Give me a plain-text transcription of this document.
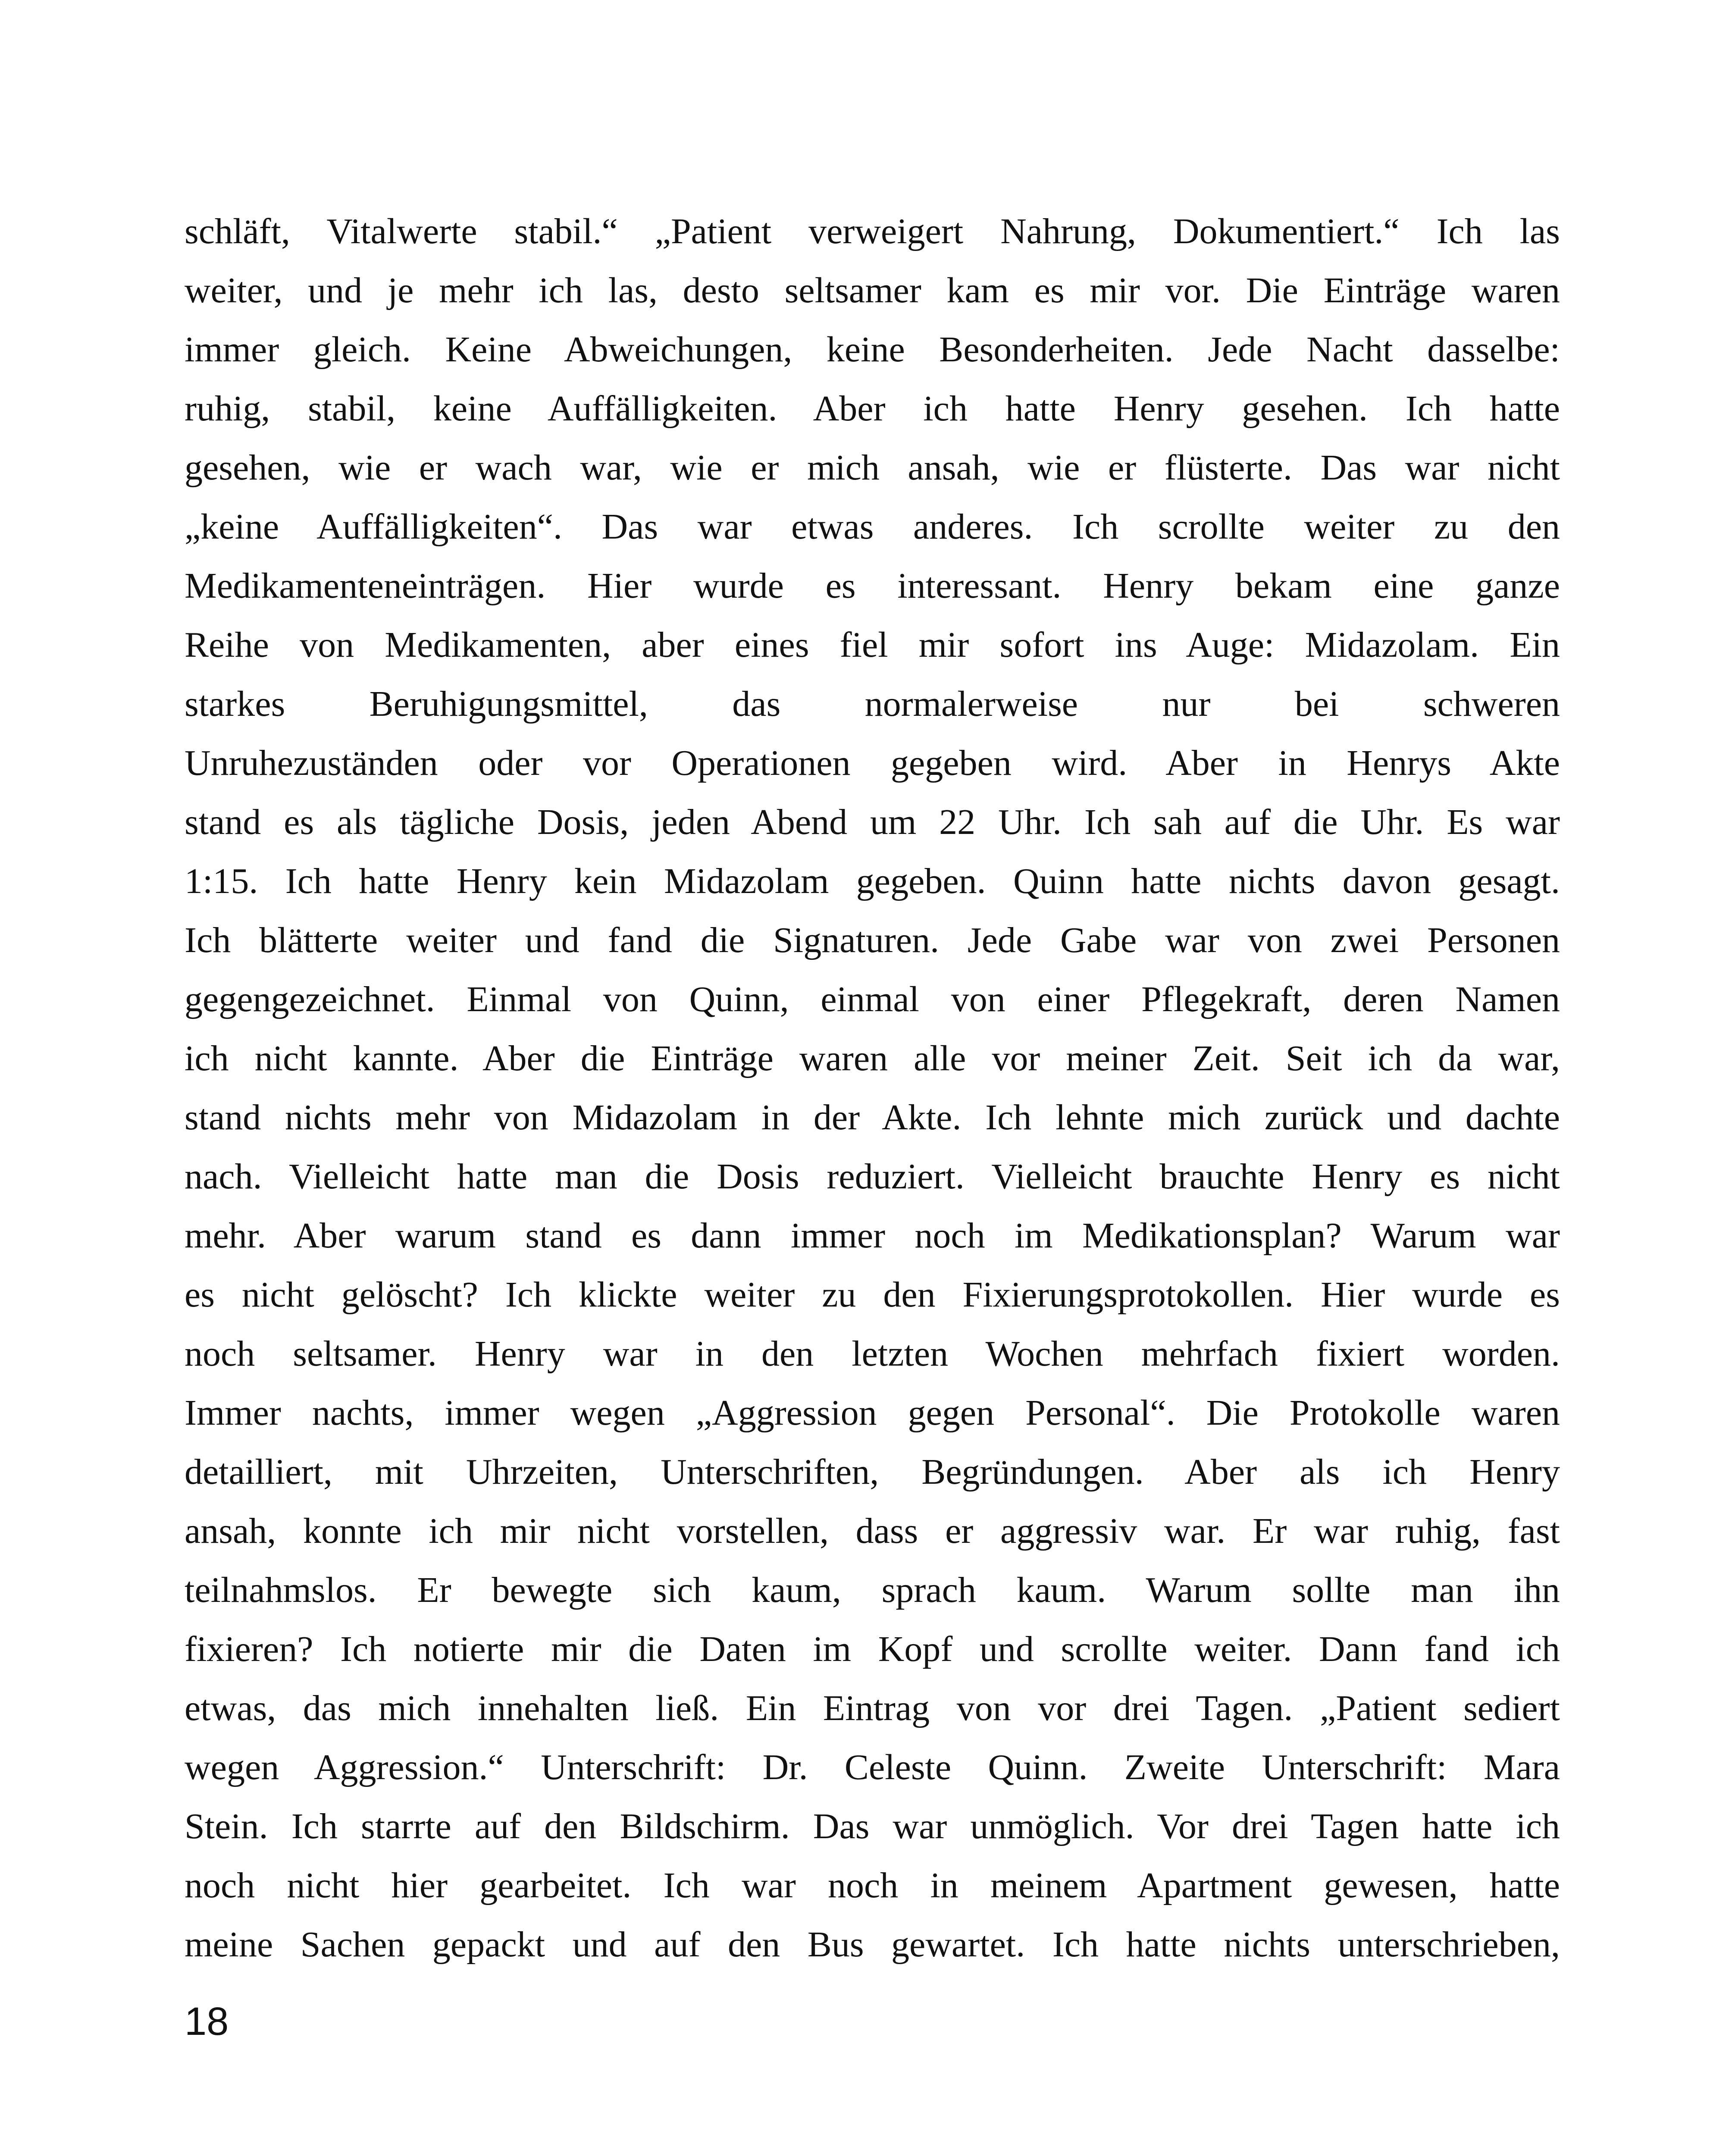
schläft, Vitalwerte stabil.“ „Patient verweigert Nahrung, Dokumentiert.“ Ich las
weiter, und je mehr ich las, desto seltsamer kam es mir vor. Die Einträge waren
immer gleich. Keine Abweichungen, keine Besonderheiten. Jede Nacht dasselbe:
ruhig, stabil, keine Auffälligkeiten. Aber ich hatte Henry gesehen. Ich hatte
gesehen, wie er wach war, wie er mich ansah, wie er flüsterte. Das war nicht
„keine Auffälligkeiten“. Das war etwas anderes. Ich scrollte weiter zu den
Medikamenteneinträgen. Hier wurde es interessant. Henry bekam eine ganze
Reihe von Medikamenten, aber eines fiel mir sofort ins Auge: Midazolam. Ein
starkes Beruhigungsmittel, das normalerweise nur bei schweren
Unruhezuständen oder vor Operationen gegeben wird. Aber in Henrys Akte
stand es als tägliche Dosis, jeden Abend um 22 Uhr. Ich sah auf die Uhr. Es war
1:15. Ich hatte Henry kein Midazolam gegeben. Quinn hatte nichts davon gesagt.
Ich blätterte weiter und fand die Signaturen. Jede Gabe war von zwei Personen
gegengezeichnet. Einmal von Quinn, einmal von einer Pflegekraft, deren Namen
ich nicht kannte. Aber die Einträge waren alle vor meiner Zeit. Seit ich da war,
stand nichts mehr von Midazolam in der Akte. Ich lehnte mich zurück und dachte
nach. Vielleicht hatte man die Dosis reduziert. Vielleicht brauchte Henry es nicht
mehr. Aber warum stand es dann immer noch im Medikationsplan? Warum war
es nicht gelöscht? Ich klickte weiter zu den Fixierungsprotokollen. Hier wurde es
noch seltsamer. Henry war in den letzten Wochen mehrfach fixiert worden.
Immer nachts, immer wegen „Aggression gegen Personal“. Die Protokolle waren
detailliert, mit Uhrzeiten, Unterschriften, Begründungen. Aber als ich Henry
ansah, konnte ich mir nicht vorstellen, dass er aggressiv war. Er war ruhig, fast
teilnahmslos. Er bewegte sich kaum, sprach kaum. Warum sollte man ihn
fixieren? Ich notierte mir die Daten im Kopf und scrollte weiter. Dann fand ich
etwas, das mich innehalten ließ. Ein Eintrag von vor drei Tagen. „Patient sediert
wegen Aggression.“ Unterschrift: Dr. Celeste Quinn. Zweite Unterschrift: Mara
Stein. Ich starrte auf den Bildschirm. Das war unmöglich. Vor drei Tagen hatte ich
noch nicht hier gearbeitet. Ich war noch in meinem Apartment gewesen, hatte
meine Sachen gepackt und auf den Bus gewartet. Ich hatte nichts unterschrieben,
18
